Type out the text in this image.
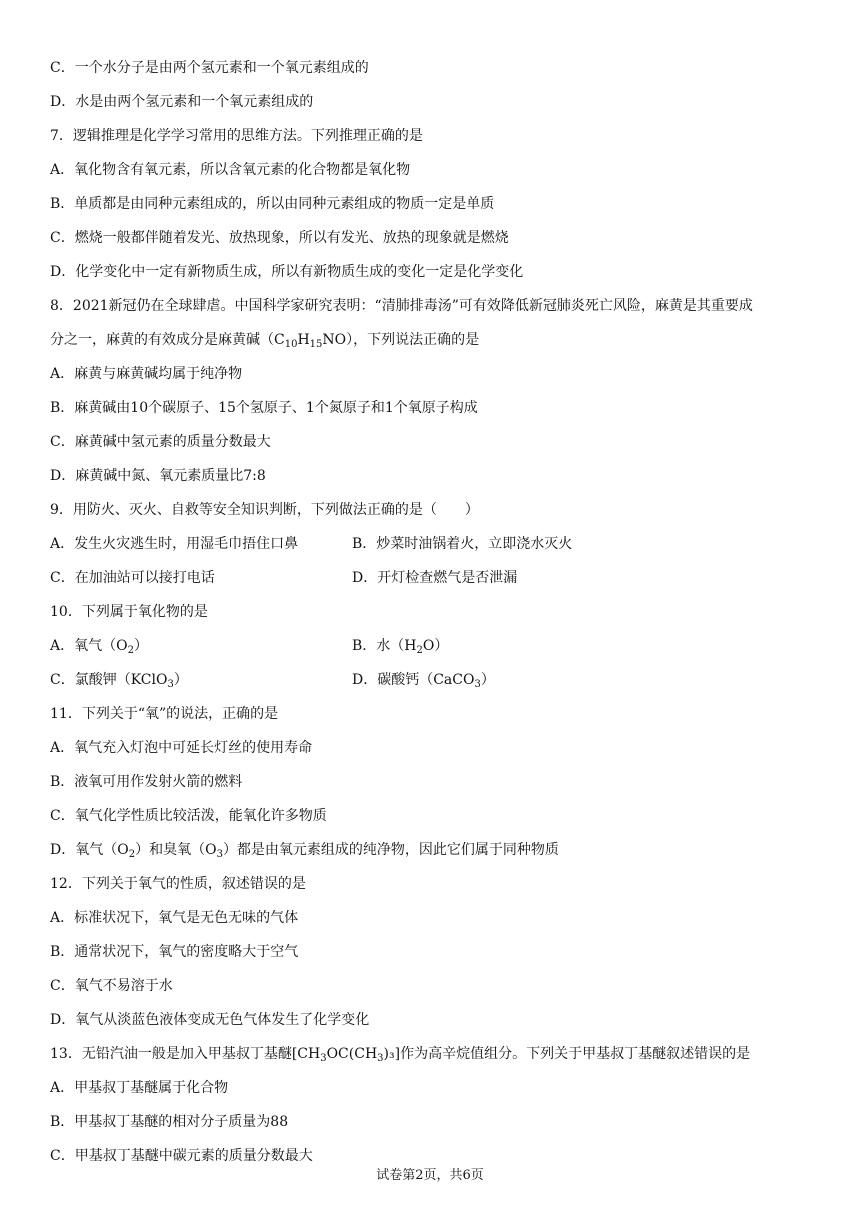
C．一个水分子是由两个氢元素和一个氧元素组成的
D．水是由两个氢元素和一个氧元素组成的
7．逻辑推理是化学学习常用的思维方法。下列推理正确的是
A．氧化物含有氧元素，所以含氧元素的化合物都是氧化物
B．单质都是由同种元素组成的，所以由同种元素组成的物质一定是单质
C．燃烧一般都伴随着发光、放热现象，所以有发光、放热的现象就是燃烧
D．化学变化中一定有新物质生成，所以有新物质生成的变化一定是化学变化
8．2021新冠仍在全球肆虐。中国科学家研究表明：“清肺排毒汤”可有效降低新冠肺炎死亡风险，麻黄是其重要成
分之一，麻黄的有效成分是麻黄碱$(C_{10}H_{15}NO)$，下列说法正确的是
A．麻黄与麻黄碱均属于纯净物
B．麻黄碱由10个碳原子、15个氢原子、1个氮原子和1个氧原子构成
C．麻黄碱中氢元素的质量分数最大
D．麻黄碱中氮、氧元素质量比7:8
9．用防火、灭火、自救等安全知识判断，下列做法正确的是（　　）
A．发生火灾逃生时，用湿毛巾捂住口鼻	B．炒菜时油锅着火，立即浇水灭火
C．在加油站可以接打电话	D．开灯检查燃气是否泄漏
10．下列属于氧化物的是
A．氧气$(O_2)$	B．水$(H_2O)$
C．氯酸钾（KClO$_3$）	D．碳酸钙（CaCO$_3$）
11．下列关于“氧”的说法，正确的是
A．氧气充入灯泡中可延长灯丝的使用寿命
B．液氧可用作发射火箭的燃料
C．氧气化学性质比较活泼，能氧化许多物质
D．氧气$(O_2)$和臭氧$(O_3)$都是由氧元素组成的纯净物，因此它们属于同种物质
12．下列关于氧气的性质，叙述错误的是
A．标准状况下，氧气是无色无味的气体
B．通常状况下，氧气的密度略大于空气
C．氧气不易溶于水
D．氧气从淡蓝色液体变成无色气体发生了化学变化
13．无铅汽油一般是加入甲基叔丁基醚$[CH_3OC(CH_3)_3]$作为高辛烷值组分。下列关于甲基叔丁基醚叙述错误的是
A．甲基叔丁基醚属于化合物
B．甲基叔丁基醚的相对分子质量为88
C．甲基叔丁基醚中碳元素的质量分数最大
试卷第2页，共6页
